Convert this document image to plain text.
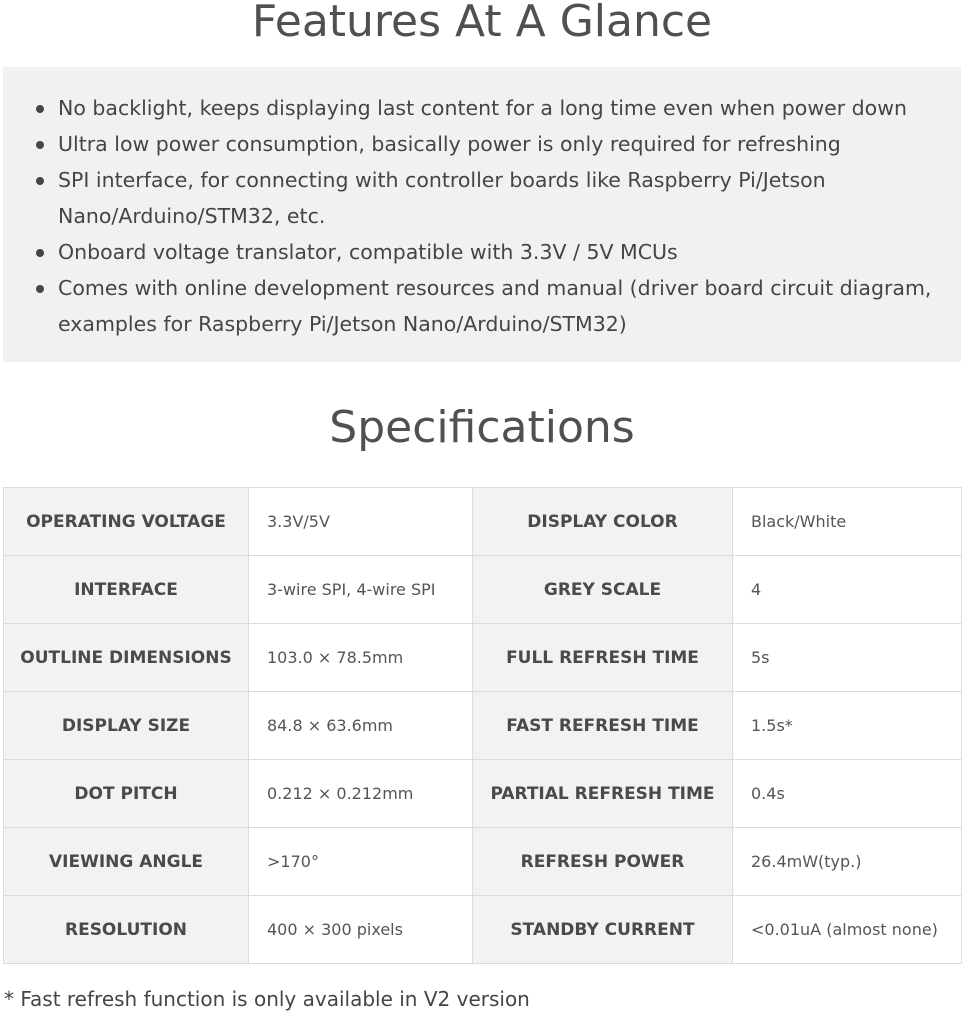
Features At A Glance
No backlight, keeps displaying last content for a long time even when power down
Ultra low power consumption, basically power is only required for refreshing
SPI interface, for connecting with controller boards like Raspberry Pi/Jetson Nano/Arduino/STM32, etc.
Onboard voltage translator, compatible with 3.3V / 5V MCUs
Comes with online development resources and manual (driver board circuit diagram, examples for Raspberry Pi/Jetson Nano/Arduino/STM32)
Specifications
OPERATING VOLTAGE	3.3V/5V	DISPLAY COLOR	Black/White
INTERFACE	3-wire SPI, 4-wire SPI	GREY SCALE	4
OUTLINE DIMENSIONS	103.0 × 78.5mm	FULL REFRESH TIME	5s
DISPLAY SIZE	84.8 × 63.6mm	FAST REFRESH TIME	1.5s*
DOT PITCH	0.212 × 0.212mm	PARTIAL REFRESH TIME	0.4s
VIEWING ANGLE	>170°	REFRESH POWER	26.4mW(typ.)
RESOLUTION	400 × 300 pixels	STANDBY CURRENT	<0.01uA (almost none)
* Fast refresh function is only available in V2 version
